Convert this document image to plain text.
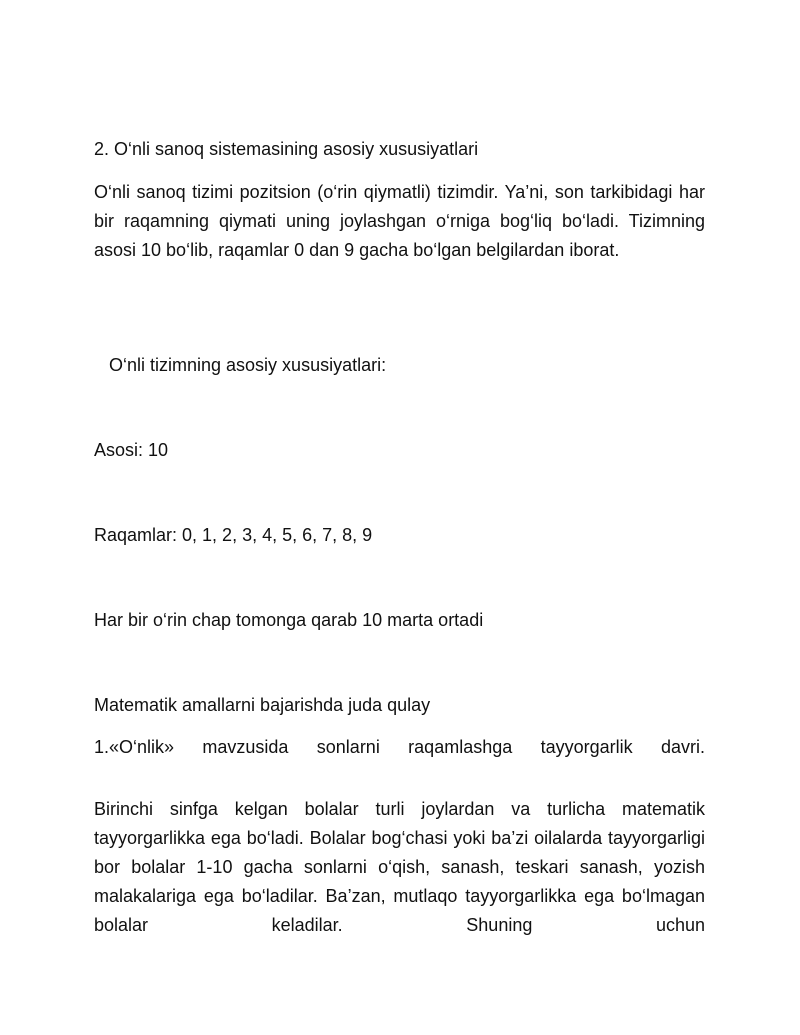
2. O‘nli sanoq sistemasining asosiy xususiyatlari

O‘nli sanoq tizimi pozitsion (o‘rin qiymatli) tizimdir. Ya’ni, son tarkibidagi har bir raqamning qiymati uning joylashgan o‘rniga bog‘liq bo‘ladi. Tizimning asosi 10 bo‘lib, raqamlar 0 dan 9 gacha bo‘lgan belgilardan iborat.

O‘nli tizimning asosiy xususiyatlari:
Asosi: 10
Raqamlar: 0, 1, 2, 3, 4, 5, 6, 7, 8, 9
Har bir o‘rin chap tomonga qarab 10 marta ortadi
Matematik amallarni bajarishda juda qulay
1.«O‘nlik» mavzusida sonlarni raqamlashga tayyorgarlik davri.

Birinchi sinfga kelgan bolalar turli joylardan va turlicha matematik tayyorgarlikka ega bo‘ladi. Bolalar bog‘chasi yoki ba’zi oilalarda tayyorgarligi bor bolalar 1-10 gacha sonlarni o‘qish, sanash, teskari sanash, yozish malakalariga ega bo‘ladilar. Ba’zan, mutlaqo tayyorgarlikka ega bo‘lmagan bolalar keladilar. Shuning uchun
